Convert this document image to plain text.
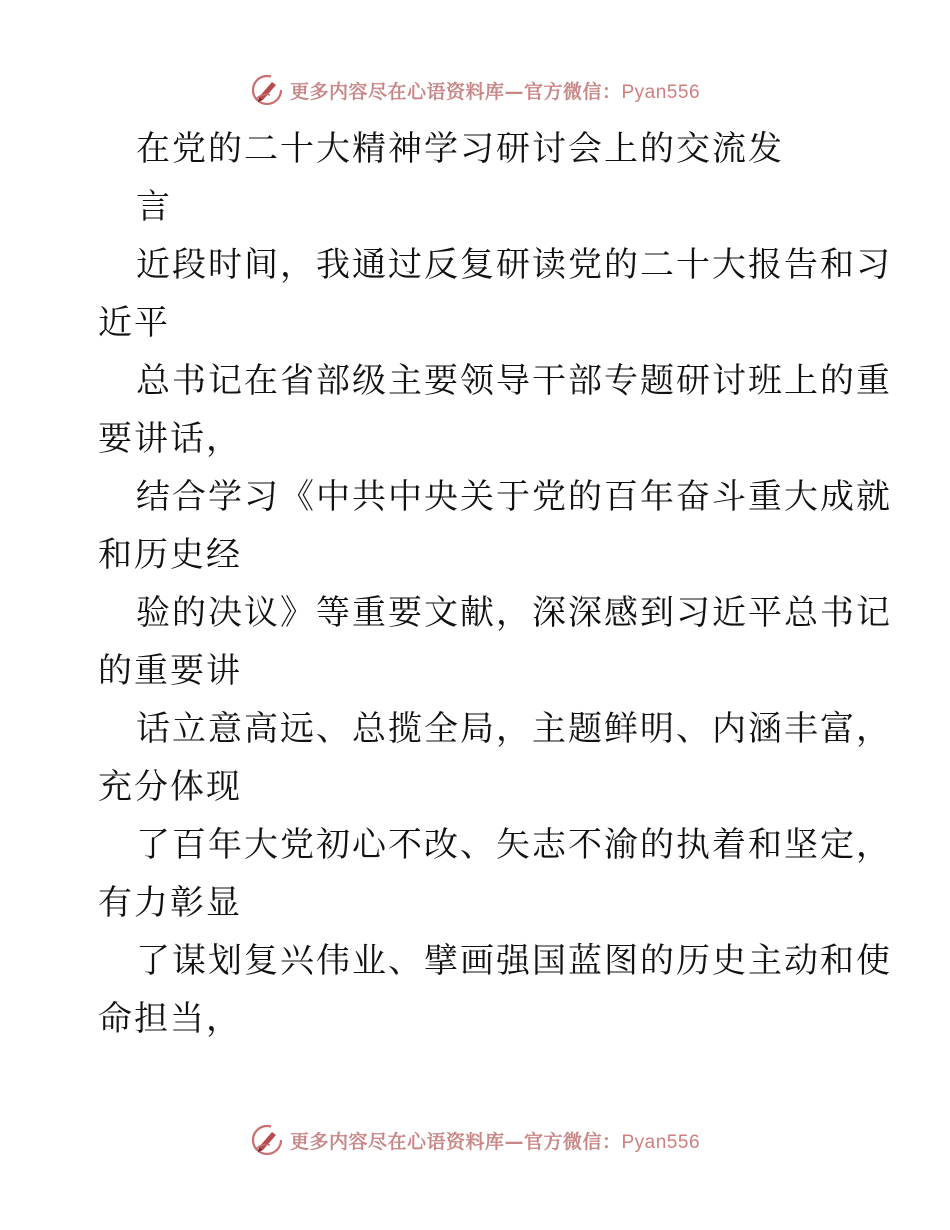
更多内容尽在心语资料库—官方微信：Pyan556
在党的二十大精神学习研讨会上的交流发
言
近段时间，我通过反复研读党的二十大报告和习
近平
总书记在省部级主要领导干部专题研讨班上的重
要讲话，
结合学习《中共中央关于党的百年奋斗重大成就
和历史经
验的决议》等重要文献，深深感到习近平总书记
的重要讲
话立意高远、总揽全局，主题鲜明、内涵丰富，
充分体现
了百年大党初心不改、矢志不渝的执着和坚定，
有力彰显
了谋划复兴伟业、擘画强国蓝图的历史主动和使
命担当，
更多内容尽在心语资料库—官方微信：Pyan556
